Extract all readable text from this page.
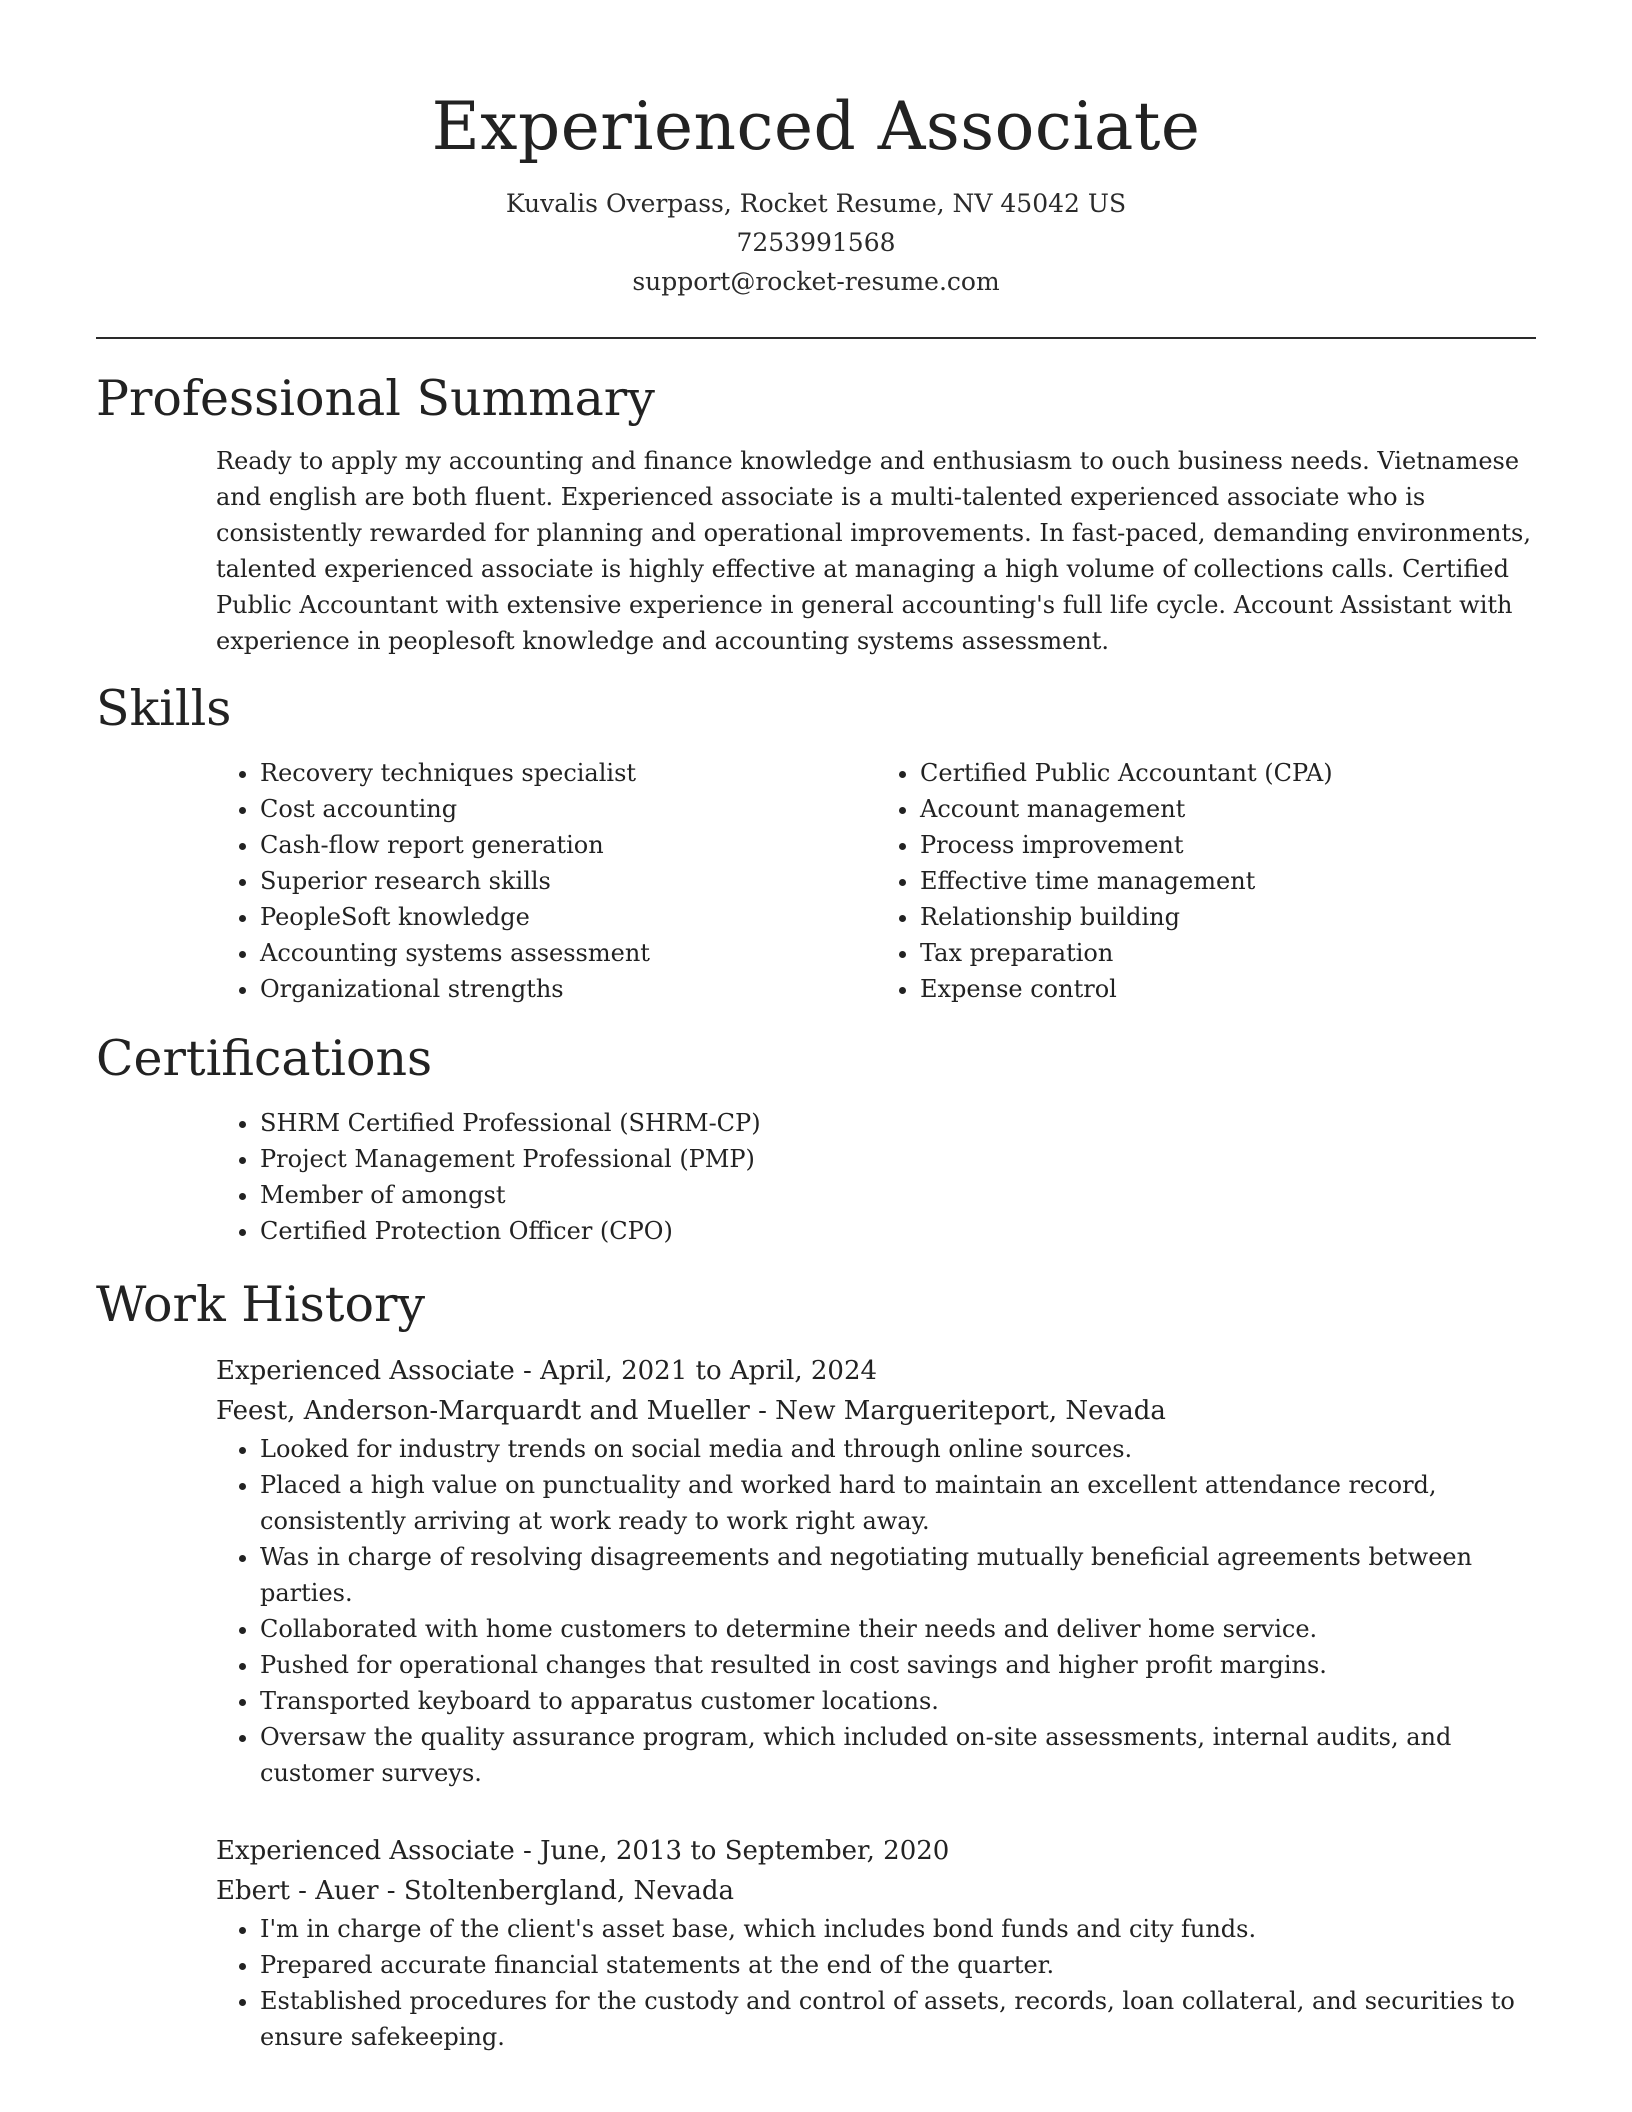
Experienced Associate

Kuvalis Overpass, Rocket Resume, NV 45042 US

7253991568

support@rocket-resume.com

Professional Summary

Ready to apply my accounting and finance knowledge and enthusiasm to ouch business needs. Vietnamese and english are both fluent. Experienced associate is a multi-talented experienced associate who is consistently rewarded for planning and operational improvements. In fast-paced, demanding environments, talented experienced associate is highly effective at managing a high volume of collections calls. Certified Public Accountant with extensive experience in general accounting's full life cycle. Account Assistant with experience in peoplesoft knowledge and accounting systems assessment.

Skills
• Recovery techniques specialist
• Cost accounting
• Cash-flow report generation
• Superior research skills
• PeopleSoft knowledge
• Accounting systems assessment
• Organizational strengths
• Certified Public Accountant (CPA)
• Account management
• Process improvement
• Effective time management
• Relationship building
• Tax preparation
• Expense control
Certifications
• SHRM Certified Professional (SHRM-CP)
• Project Management Professional (PMP)
• Member of amongst
• Certified Protection Officer (CPO)
Work History
Experienced Associate - April, 2021 to April, 2024
Feest, Anderson-Marquardt and Mueller - New Margueriteport, Nevada
• Looked for industry trends on social media and through online sources.
• Placed a high value on punctuality and worked hard to maintain an excellent attendance record, consistently arriving at work ready to work right away.
• Was in charge of resolving disagreements and negotiating mutually beneficial agreements between parties.
• Collaborated with home customers to determine their needs and deliver home service.
• Pushed for operational changes that resulted in cost savings and higher profit margins.
• Transported keyboard to apparatus customer locations.
• Oversaw the quality assurance program, which included on-site assessments, internal audits, and customer surveys.
Experienced Associate - June, 2013 to September, 2020
Ebert - Auer - Stoltenbergland, Nevada
• I'm in charge of the client's asset base, which includes bond funds and city funds.
• Prepared accurate financial statements at the end of the quarter.
• Established procedures for the custody and control of assets, records, loan collateral, and securities to ensure safekeeping.
